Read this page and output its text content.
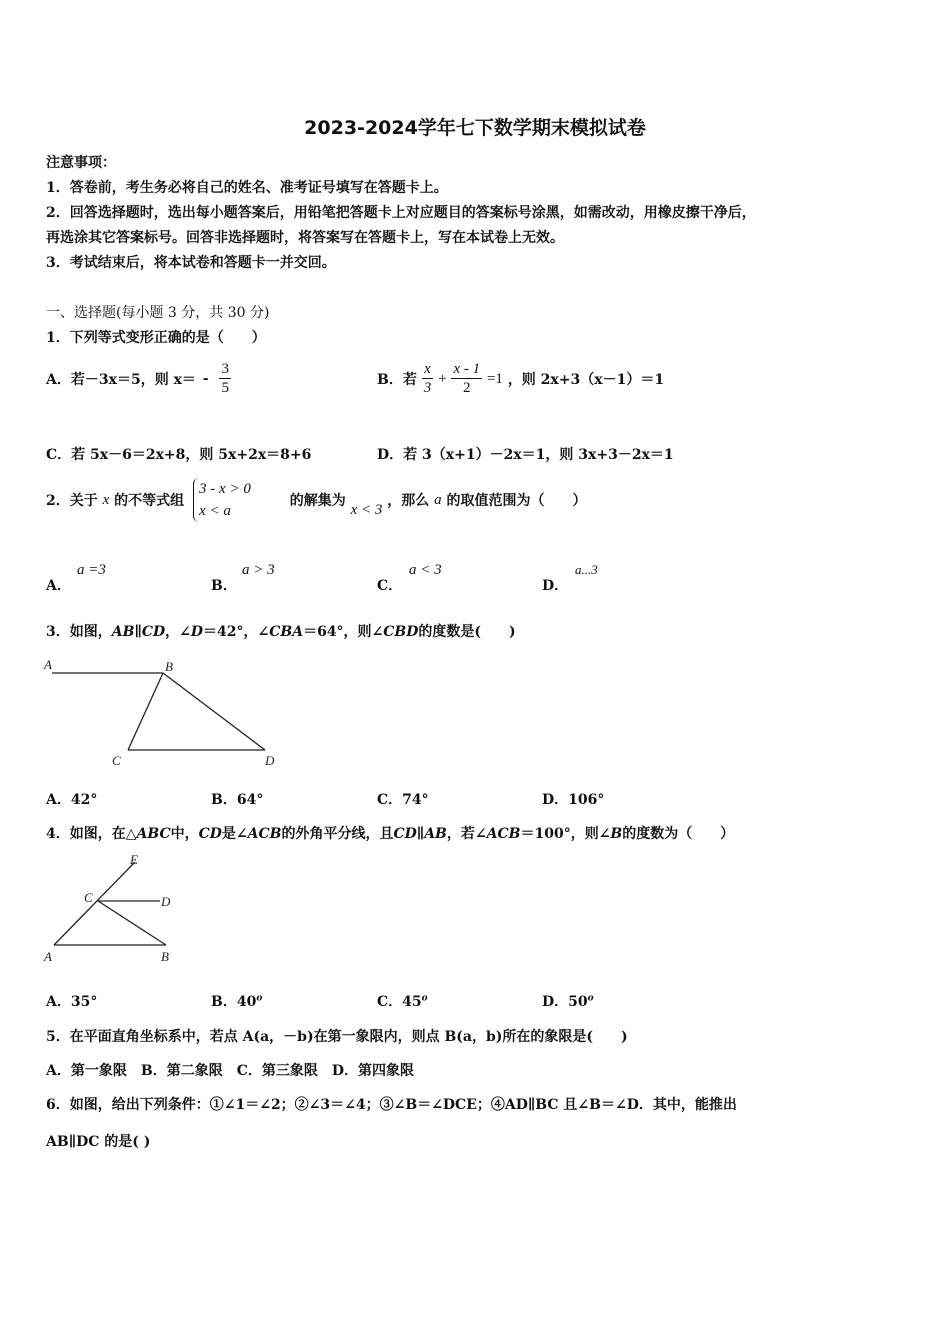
2023-2024学年七下数学期末模拟试卷
注意事项：
1．答卷前，考生务必将自己的姓名、准考证号填写在答题卡上。
2．回答选择题时，选出每小题答案后，用铅笔把答题卡上对应题目的答案标号涂黑，如需改动，用橡皮擦干净后，
再选涂其它答案标号。回答非选择题时，将答案写在答题卡上，写在本试卷上无效。
3．考试结束后，将本试卷和答题卡一并交回。
一、选择题(每小题 3 分，共 30 分)
1．下列等式变形正确的是（　　）
A．若－3x＝5，则 $x= - \frac{3}{5}$	B．若 $\frac{x}{3} + \frac{x - 1}{2} =1$ ，则 2x+3（x－1）＝1
C．若 5x－6＝2x+8，则 5x+2x＝8+6	D．若 3（x+1）－2x＝1，则 3x+3－2x＝1
2．关于 x 的不等式组
3 - x > 0
x < a
的解集为 x < 3 ，那么 a 的取值范围为（　　）
A．
a =3
B．
a > 3
C．
a < 3
D．
a...3
3．如图，AB∥CD，∠D＝42°，∠CBA＝64°，则∠CBD的度数是(　　)
A	B
C	D
A．42°	B．64°	C．74°	D．106°
4．如图，在△ABC中，CD是∠ACB的外角平分线，且CD∥AB，若∠ACB＝100°，则∠B的度数为（　　）
E
C	D
A	B
A．35°	B．40$^o$	C．45$^o$	D．50$^o$
5．在平面直角坐标系中，若点 A(a，－b)在第一象限内，则点 B(a，b)所在的象限是(　　)
A．第一象限　B．第二象限　C．第三象限　D．第四象限
6．如图，给出下列条件：①∠1＝∠2；②∠3＝∠4；③∠B＝∠DCE；④AD∥BC 且∠B＝∠D．其中，能推出
AB∥DC 的是( )
